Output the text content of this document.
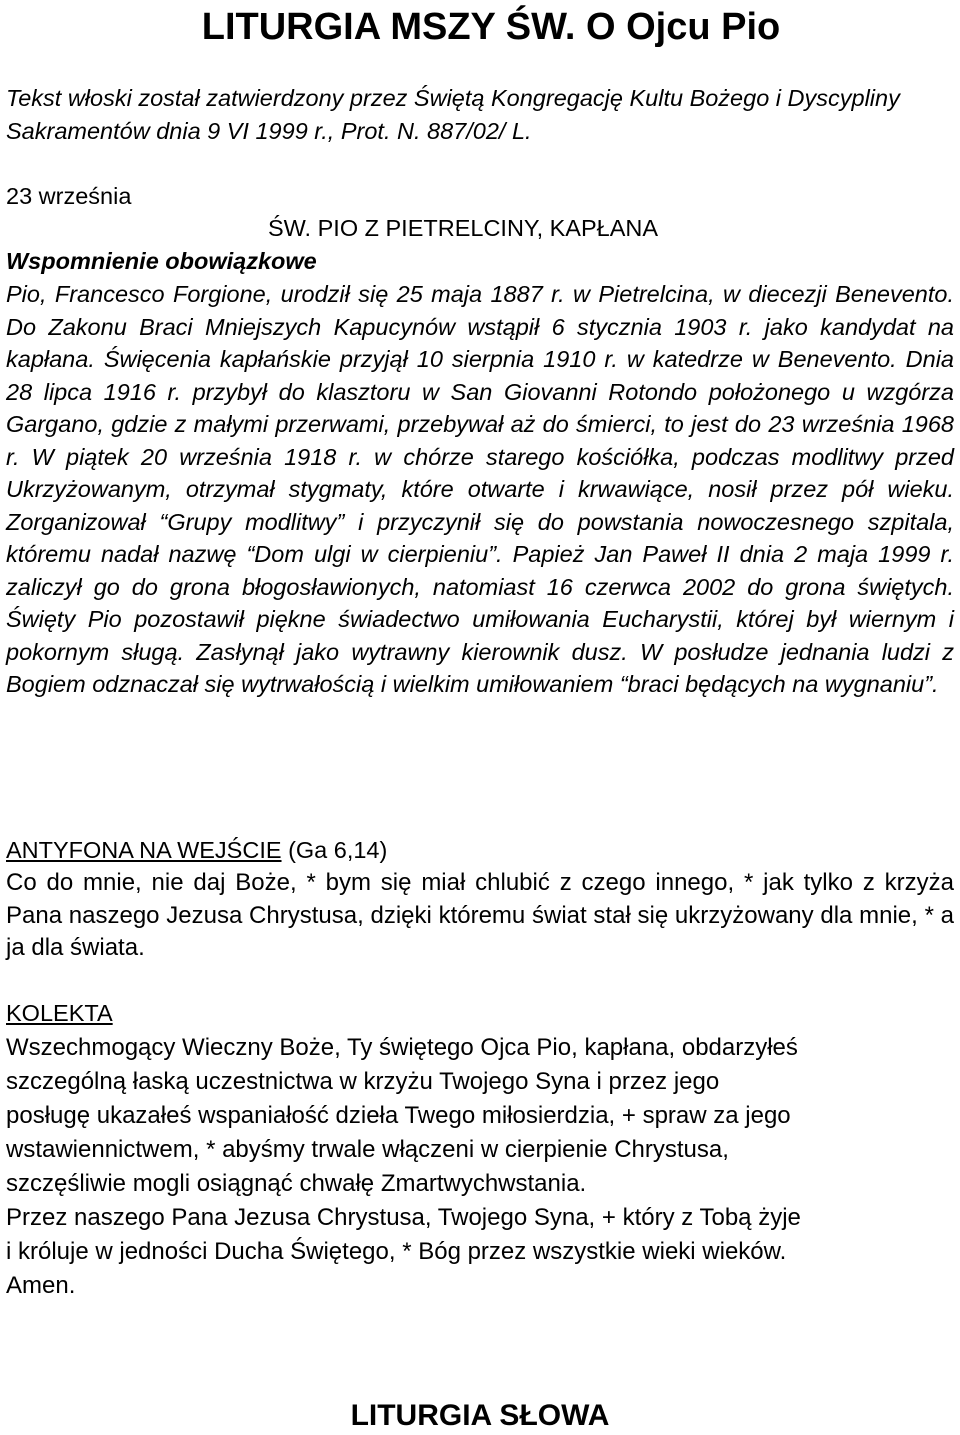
LITURGIA MSZY ŚW. O Ojcu Pio
Tekst włoski został zatwierdzony przez Świętą Kongregację Kultu Bożego i Dyscypliny Sakramentów dnia 9 VI 1999 r., Prot. N. 887/02/ L.
23 września
ŚW. PIO Z PIETRELCINY, KAPŁANA
Wspomnienie obowiązkowe
Pio, Francesco Forgione, urodził się 25 maja 1887 r. w Pietrelcina, w diecezji Benevento. Do Zakonu Braci Mniejszych Kapucynów wstąpił 6 stycznia 1903 r. jako kandydat na kapłana. Święcenia kapłańskie przyjął 10 sierpnia 1910 r. w katedrze w Benevento. Dnia 28 lipca 1916 r. przybył do klasztoru w San Giovanni Rotondo położonego u wzgórza Gargano, gdzie z małymi przerwami, przebywał aż do śmierci, to jest do 23 września 1968 r. W piątek 20 września 1918 r. w chórze starego kościółka, podczas modlitwy przed Ukrzyżowanym, otrzymał stygmaty, które otwarte i krwawiące, nosił przez pół wieku. Zorganizował “Grupy modlitwy” i przyczynił się do powstania nowoczesnego szpitala, któremu nadał nazwę “Dom ulgi w cierpieniu”. Papież Jan Paweł II dnia 2 maja 1999 r. zaliczył go do grona błogosławionych, natomiast 16 czerwca 2002 do grona świętych. Święty Pio pozostawił piękne świadectwo umiłowania Eucharystii, której był wiernym i pokornym sługą. Zasłynął jako wytrawny kierownik dusz. W posłudze jednania ludzi z Bogiem odznaczał się wytrwałością i wielkim umiłowaniem “braci będących na wygnaniu”.
ANTYFONA NA WEJŚCIE (Ga 6,14)
Co do mnie, nie daj Boże, * bym się miał chlubić z czego innego, * jak tylko z krzyża Pana naszego Jezusa Chrystusa, dzięki któremu świat stał się ukrzyżowany dla mnie, * a ja dla świata.
KOLEKTA

Wszechmogący Wieczny Boże, Ty świętego Ojca Pio, kapłana, obdarzyłeś

szczególną łaską uczestnictwa w krzyżu Twojego Syna i przez jego

posługę ukazałeś wspaniałość dzieła Twego miłosierdzia, + spraw za jego

wstawiennictwem, * abyśmy trwale włączeni w cierpienie Chrystusa,

szczęśliwie mogli osiągnąć chwałę Zmartwychwstania.

Przez naszego Pana Jezusa Chrystusa, Twojego Syna, + który z Tobą żyje

i króluje w jedności Ducha Świętego, * Bóg przez wszystkie wieki wieków.

Amen.

LITURGIA SŁOWA
